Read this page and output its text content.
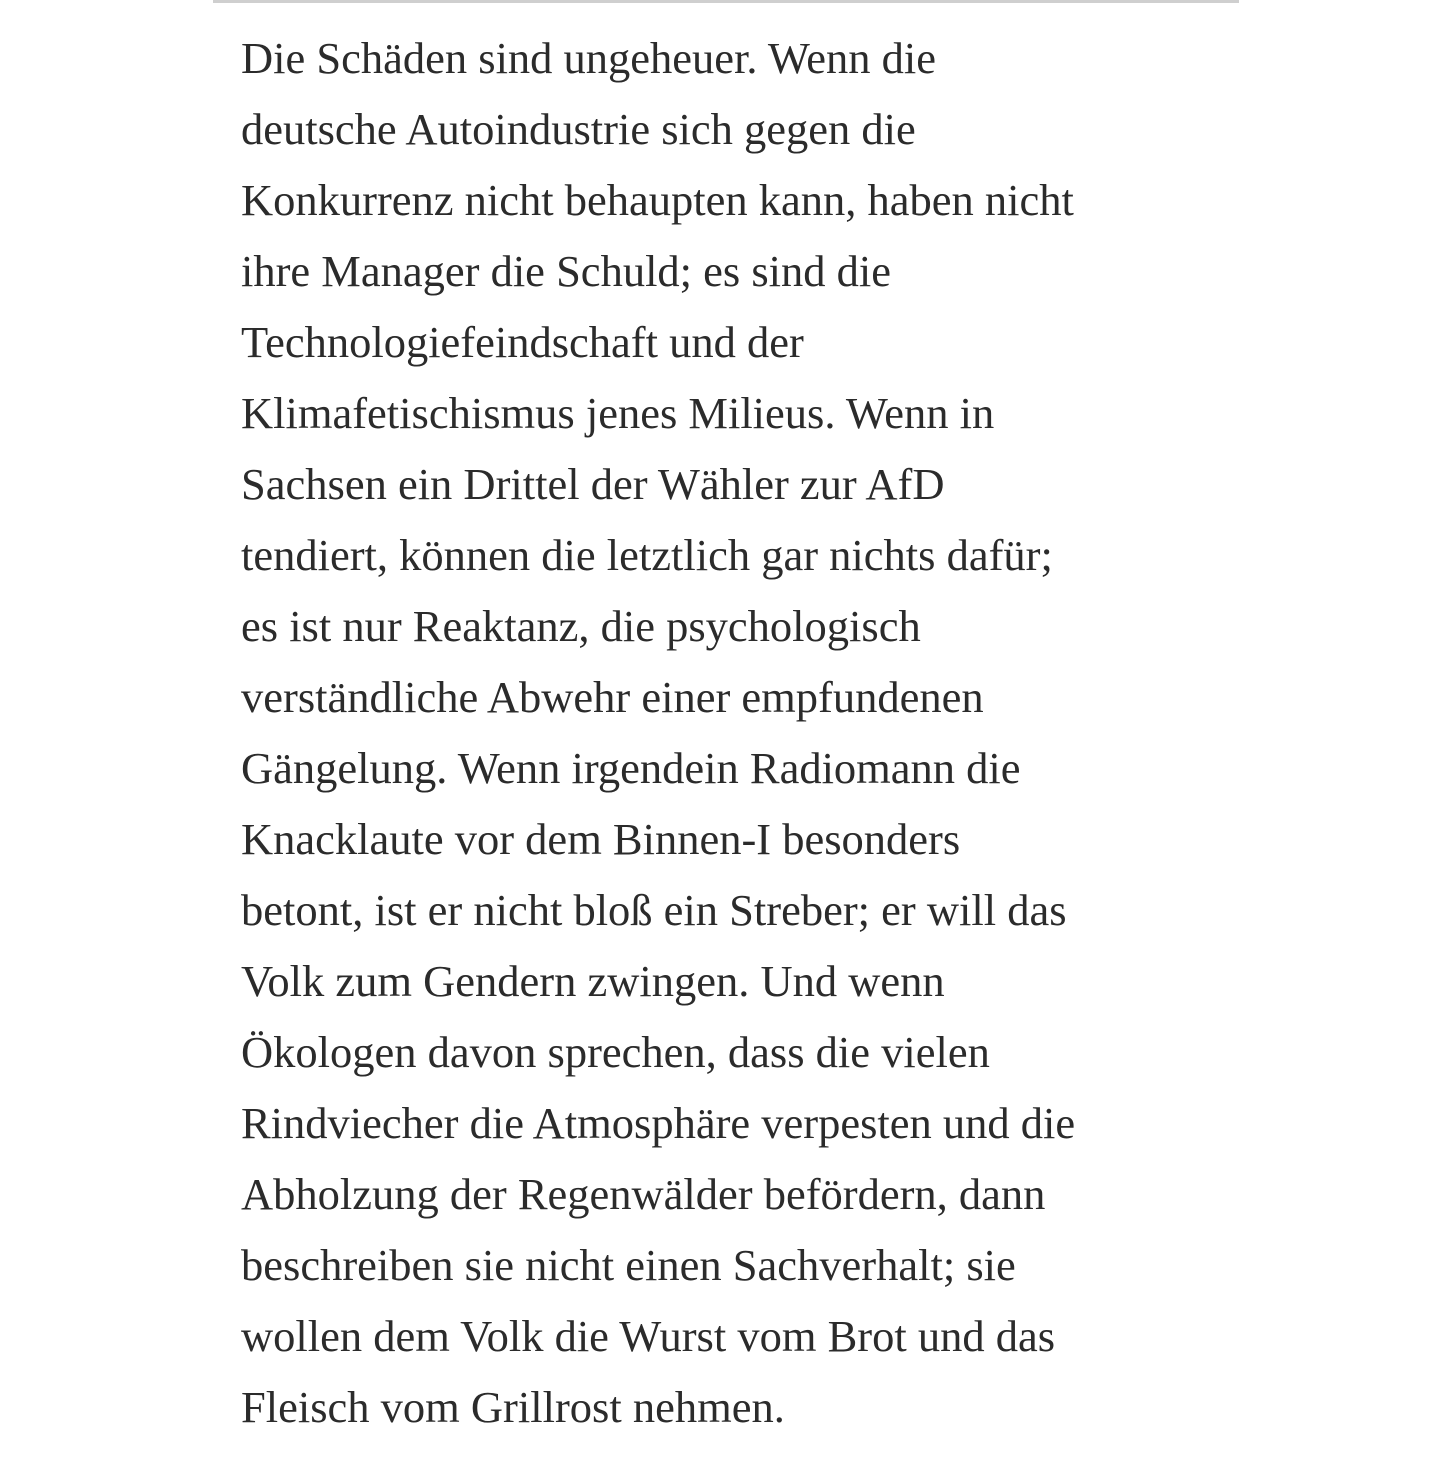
Die Schäden sind ungeheuer. Wenn die
deutsche Autoindustrie sich gegen die
Konkurrenz nicht behaupten kann, haben nicht
ihre Manager die Schuld; es sind die
Technologiefeindschaft und der
Klimafetischismus jenes Milieus. Wenn in
Sachsen ein Drittel der Wähler zur AfD
tendiert, können die letztlich gar nichts dafür;
es ist nur Reaktanz, die psychologisch
verständliche Abwehr einer empfundenen
Gängelung. Wenn irgendein Radiomann die
Knacklaute vor dem Binnen-I besonders
betont, ist er nicht bloß ein Streber; er will das
Volk zum Gendern zwingen. Und wenn
Ökologen davon sprechen, dass die vielen
Rindviecher die Atmosphäre verpesten und die
Abholzung der Regenwälder befördern, dann
beschreiben sie nicht einen Sachverhalt; sie
wollen dem Volk die Wurst vom Brot und das
Fleisch vom Grillrost nehmen.
